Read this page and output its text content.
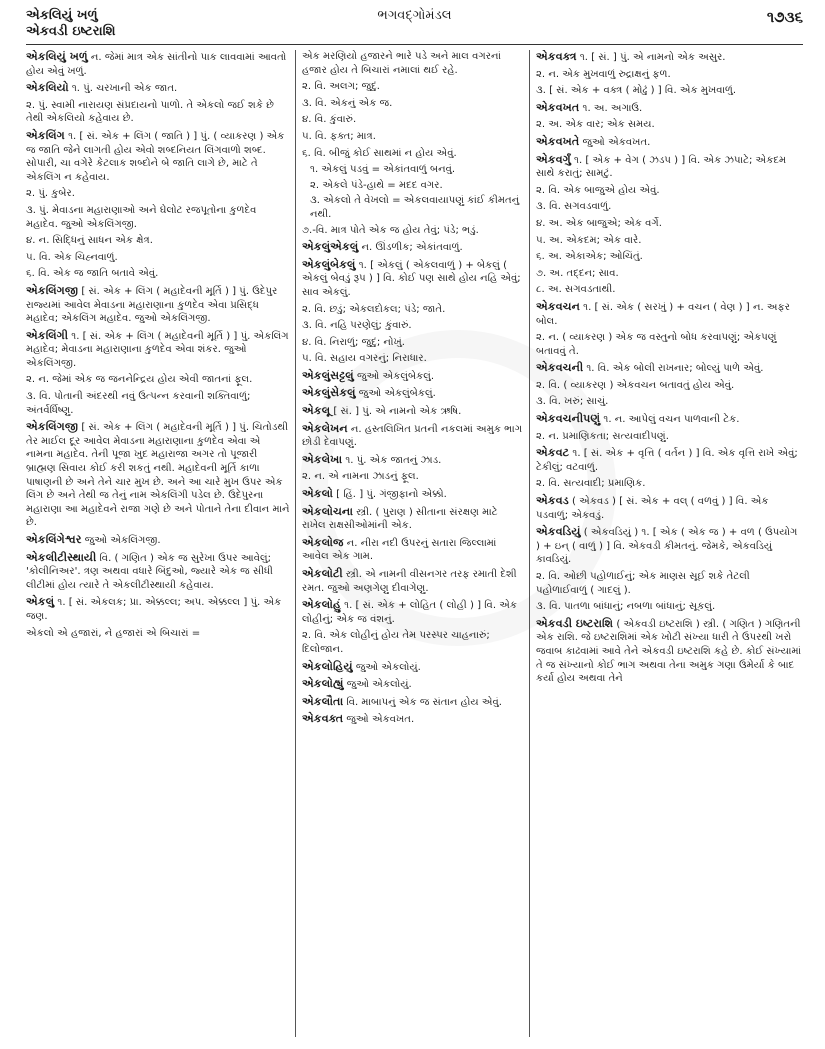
એકલિયું ખળું
એકવડી ઇષ્ટરાશિ
ભગવદ્ગોમંડલ	૧૭૩૬
એકલિયું ખળું ન. જેમાં માત્ર એક સાંતીનો પાક લાવવામાં આવતો હોય એવું ખળું.
એકલિયો ૧. પું. ચરખાની એક જાત.
૨. પું. સ્વામી નારાયણ સંપ્રદાયનો પાળો. તે એકલો જઈ શકે છે તેથી એકલિયો કહેવાય છે.
એકલિંગ ૧. [ સં. એક + લિંગ ( જાતિ ) ] પું. ( વ્યાકરણ ) એક જ જાતિ જેને લાગતી હોય એવો શબ્દનિયત લિંગવાળો શબ્દ. સોપારી, ચા વગેરે કેટલાક શબ્દોને બે જાતિ લાગે છે, માટે તે એકલિંગ ન કહેવાય.
૨. પું. કુબેર.
૩. પું. મેવાડના મહારાણાઓ અને ઘેલોટ રજપૂતોના કુળદેવ મહાદેવ. જુઓ એકલિંગજી.
૪. ન. સિદ્ધિનું સાધન એક ક્ષેત્ર.
૫. વિ. એક ચિહ્નવાળું.
૬. વિ. એક જ જાતિ બતાવે એવું.
એકલિંગજી [ સં. એક + લિંગ ( મહાદેવની મૂર્તિ ) ] પું. ઉદેપુર રાજ્યમાં આવેલ મેવાડના મહારાણાના કુળદેવ એવા પ્રસિદ્ધ મહાદેવ; એકલિંગ મહાદેવ. જુઓ એકલિંગજી.
એકલિંગી ૧. [ સં. એક + લિંગ ( મહાદેવની મૂર્તિ ) ] પું. એકલિંગ મહાદેવ; મેવાડના મહારાણાના કુળદેવ એવા શંકર. જુઓ એકલિંગજી.
૨. ન. જેમાં એક જ જનનેન્દ્રિય હોય એવી જાતનાં ફૂલ.
૩. વિ. પોતાની અંદરથી નવું ઉત્પન્ન કરવાની શક્તિવાળું; અંતર્વર્ધિષ્ણુ.
એકલિંગજી [ સં. એક + લિંગ ( મહાદેવની મૂર્તિ ) ] પું. ચિતોડથી તેર માઈલ દૂર આવેલ મેવાડના મહારાણાના કુળદેવ એવા એ નામના મહાદેવ. તેની પૂજા ખુદ મહારાજા અગર તો પૂજારી બ્રાહ્મણ સિવાય કોઈ કરી શકતું નથી. મહાદેવની મૂર્તિ કાળા પાષાણની છે અને તેને ચાર મુખ છે. અને આ ચારે મુખ ઉપર એક લિંગ છે અને તેથી જ તેનું નામ એકલિંગી પડેલ છે. ઉદેપુરના મહારાણા આ મહાદેવને રાજા ગણે છે અને પોતાને તેના દીવાન માને છે.
એકલિંગેશ્વર જુઓ એકલિંગજી.
એકલીટીસ્થાયી વિ. ( ગણિત ) એક જ સુરેખા ઉપર આવેલું; 'કોલીનિઅર'. ત્રણ અથવા વધારે બિંદુઓ, જ્યારે એક જ સીધી લીટીમાં હોય ત્યારે તે એકલીટીસ્થાયી કહેવાય.
એકલું ૧. [ સં. એકલક; પ્રા. એક્કલ્લ; અપ. એક્કલ્લ ] પું. એક જણ.
એકલો એ હજારાં, ને હજારાં એ બિચારાં =
એક મરણિયો હજારને ભારે પડે અને માલ વગરનાં હજાર હોય તે બિચારાં નમાલાં થઈ રહે.
૨. વિ. અલગ; જુદું.
૩. વિ. એકનું એક જ.
૪. વિ. કુંવારું.
૫. વિ. ફક્ત; માત્ર.
૬. વિ. બીજું કોઈ સાથમાં ન હોય એવું.
૧. એકલું પડવું = એકાંતવાળું બનવું.
૨. એકલે પંડે-હાથે = મદદ વગર.
૩. એકલો તે વેખલો = એકલવાયાપણું કાંઈ કીમતનું નથી.
૭.-વિ. માત્ર પોતે એક જ હોય તેવું; પંડે; ભડું.
એકલુંએકલું ન. ઊંડળીક; એકાંતવાળું.
એકલુંબેકલું ૧. [ એકલું ( એકલવાળું ) + બેકલું ( એકલું બેવડું રૂપ ) ] વિ. કોઈ પણ સાથે હોય નહિ એવું; સાવ એકલું.
૨. વિ. છડું; એકલદોકલ; પંડે; જાતે.
૩. વિ. નહિ પરણેલું; કુંવારું.
૪. વિ. નિરાળું; જુદું; નોખું.
૫. વિ. સહાય વગરનું; નિરાધાર.
એકલુંસટ્ટલું જુઓ એકલુંબેકલું.
એકલુંસેકલું જુઓ એકલુંબેકલું.
એકલૂ [ સં. ] પું. એ નામનો એક ઋષિ.
એકલેખન ન. હસ્તલિખિત પ્રતની નકલમાં અમુક ભાગ છોડી દેવાપણું.
એકલેખા ૧. પું. એક જાતનું ઝાડ.
૨. ન. એ નામના ઝાડનું ફૂલ.
એકલો [ હિં. ] પું. ગંજીફાનો એક્કો.
એકલોચના સ્ત્રી. ( પુરાણ ) સીતાના સંરક્ષણ માટે રાખેલ રાક્ષસીઓમાંની એક.
એકલોજ ન. નીરા નદી ઉપરનું સતારા જિલ્લામાં આવેલ એક ગામ.
એકલોટી સ્ત્રી. એ નામની વીસનગર તરફ રમાતી દેશી રમત. જુઓ અણગેણુ દીવાગેણુ.
એકલોહું ૧. [ સં. એક + લોહિત ( લોહી ) ] વિ. એક લોહીનું; એક જ વંશનું.
૨. વિ. એક લોહીનું હોય તેમ પરસ્પર ચાહનારું; દિલોજાન.
એકલોહિયું જુઓ એકલોયું.
એકલોહ્યું જુઓ એકલોયું.
એકલૌતા વિ. માબાપનું એક જ સંતાન હોય એવું.
એકવક્ત જુઓ એકવખત.
એકવક્ત્ર ૧. [ સં. ] પું. એ નામનો એક અસુર.
૨. ન. એક મુખવાળું રુદ્રાક્ષનું ફળ.
૩. [ સં. એક + વક્ત્ર ( મોઢું ) ] વિ. એક મુખવાળું.
એકવખત ૧. અ. અગાઉ.
૨. અ. એક વાર; એક સમય.
એકવખતે જુઓ એકવખત.
એકવર્ગું ૧. [ એક + વેગ ( ઝડપ ) ] વિ. એક ઝપાટે; એકદમ સાથે કરાતું; સામટું.
૨. વિ. એક બાજુએ હોય એવું.
૩. વિ. સગવડવાળું.
૪. અ. એક બાજુએ; એક વર્ગે.
૫. અ. એકદમ; એક વારે.
૬. અ. એકાએક; ઓચિંતું.
૭. અ. તદ્દન; સાવ.
૮. અ. સગવડતાથી.
એકવચન ૧. [ સં. એક ( સરખું ) + વચન ( વેણ ) ] ન. અફર બોલ.
૨. ન. ( વ્યાકરણ ) એક જ વસ્તુનો બોધ કરવાપણું; એકપણું બતાવવું તે.
એકવચની ૧. વિ. એક બોલી રાખનાર; બોલ્યું પાળે એવું.
૨. વિ. ( વ્યાકરણ ) એકવચન બતાવતું હોય એવું.
૩. વિ. ખરું; સાચું.
એકવચનીપણું ૧. ન. આપેલું વચન પાળવાની ટેક.
૨. ન. પ્રમાણિકતા; સત્યવાદીપણું.
એકવટ ૧. [ સં. એક + વૃત્તિ ( વર્તન ) ] વિ. એક વૃત્તિ રાખે એવું; ટેકીલું; વટવાળું.
૨. વિ. સત્યવાદી; પ્રમાણિક.
એકવડ ( એકવડ ) [ સં. એક + વલ્ ( વળવું ) ] વિ. એક પડવાળું; એકવડું.
એકવડિયું ( એકવડિયું ) ૧. [ એક ( એક જ ) + વળ ( ઉપયોગ ) + ઇન્ ( વાળું ) ] વિ. એકવડી કીમતનું. જેમકે, એકવડિયું કાવડિયું.
૨. વિ. ઓછી પહોળાઈનું; એક માણસ સૂઈ શકે તેટલી પહોળાઈવાળું ( ગાદલું ).
૩. વિ. પાતળા બાંધાનું; નબળા બાંધાનું; સૂકલું.
એકવડી ઇષ્ટરાશિ ( એકવડી ઇષ્ટરાશિ ) સ્ત્રી. ( ગણિત ) ગણિતની એક રાશિ. જે ઇષ્ટરાશિમાં એક ખોટી સંખ્યા ધારી તે ઉપરથી ખરો જવાબ કાઢવામાં આવે તેને એકવડી ઇષ્ટરાશિ કહે છે. કોઈ સંખ્યામાં તે જ સંખ્યાનો કોઈ ભાગ અથવા તેના અમુક ગણા ઉમેર્યા કે બાદ કર્યા હોય અથવા તેને
